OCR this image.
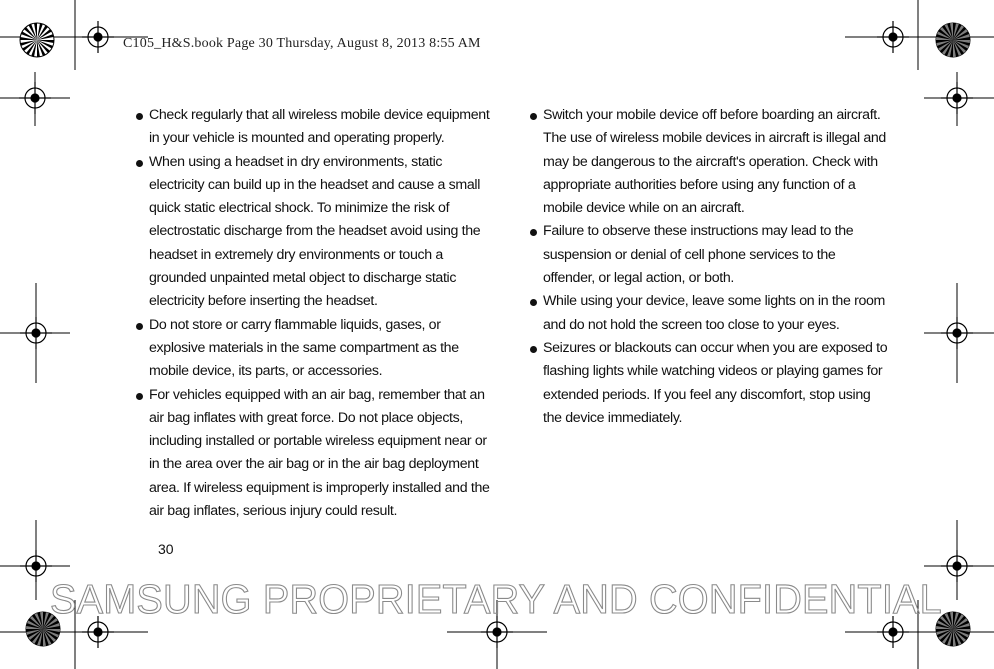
C105_H&S.book Page 30 Thursday, August 8, 2013 8:55 AM

Check regularly that all wireless mobile device equipment in your vehicle is mounted and operating properly.

When using a headset in dry environments, static electricity can build up in the headset and cause a small quick static electrical shock. To minimize the risk of electrostatic discharge from the headset avoid using the headset in extremely dry environments or touch a grounded unpainted metal object to discharge static electricity before inserting the headset.

Do not store or carry flammable liquids, gases, or explosive materials in the same compartment as the mobile device, its parts, or accessories.

For vehicles equipped with an air bag, remember that an air bag inflates with great force. Do not place objects, including installed or portable wireless equipment near or in the area over the air bag or in the air bag deployment area. If wireless equipment is improperly installed and the air bag inflates, serious injury could result.

Switch your mobile device off before boarding an aircraft. The use of wireless mobile devices in aircraft is illegal and may be dangerous to the aircraft's operation. Check with appropriate authorities before using any function of a mobile device while on an aircraft.

Failure to observe these instructions may lead to the suspension or denial of cell phone services to the offender, or legal action, or both.

While using your device, leave some lights on in the room and do not hold the screen too close to your eyes.

Seizures or blackouts can occur when you are exposed to flashing lights while watching videos or playing games for extended periods. If you feel any discomfort, stop using the device immediately.

30
SAMSUNG PROPRIETARY AND CONFIDENTIAL
